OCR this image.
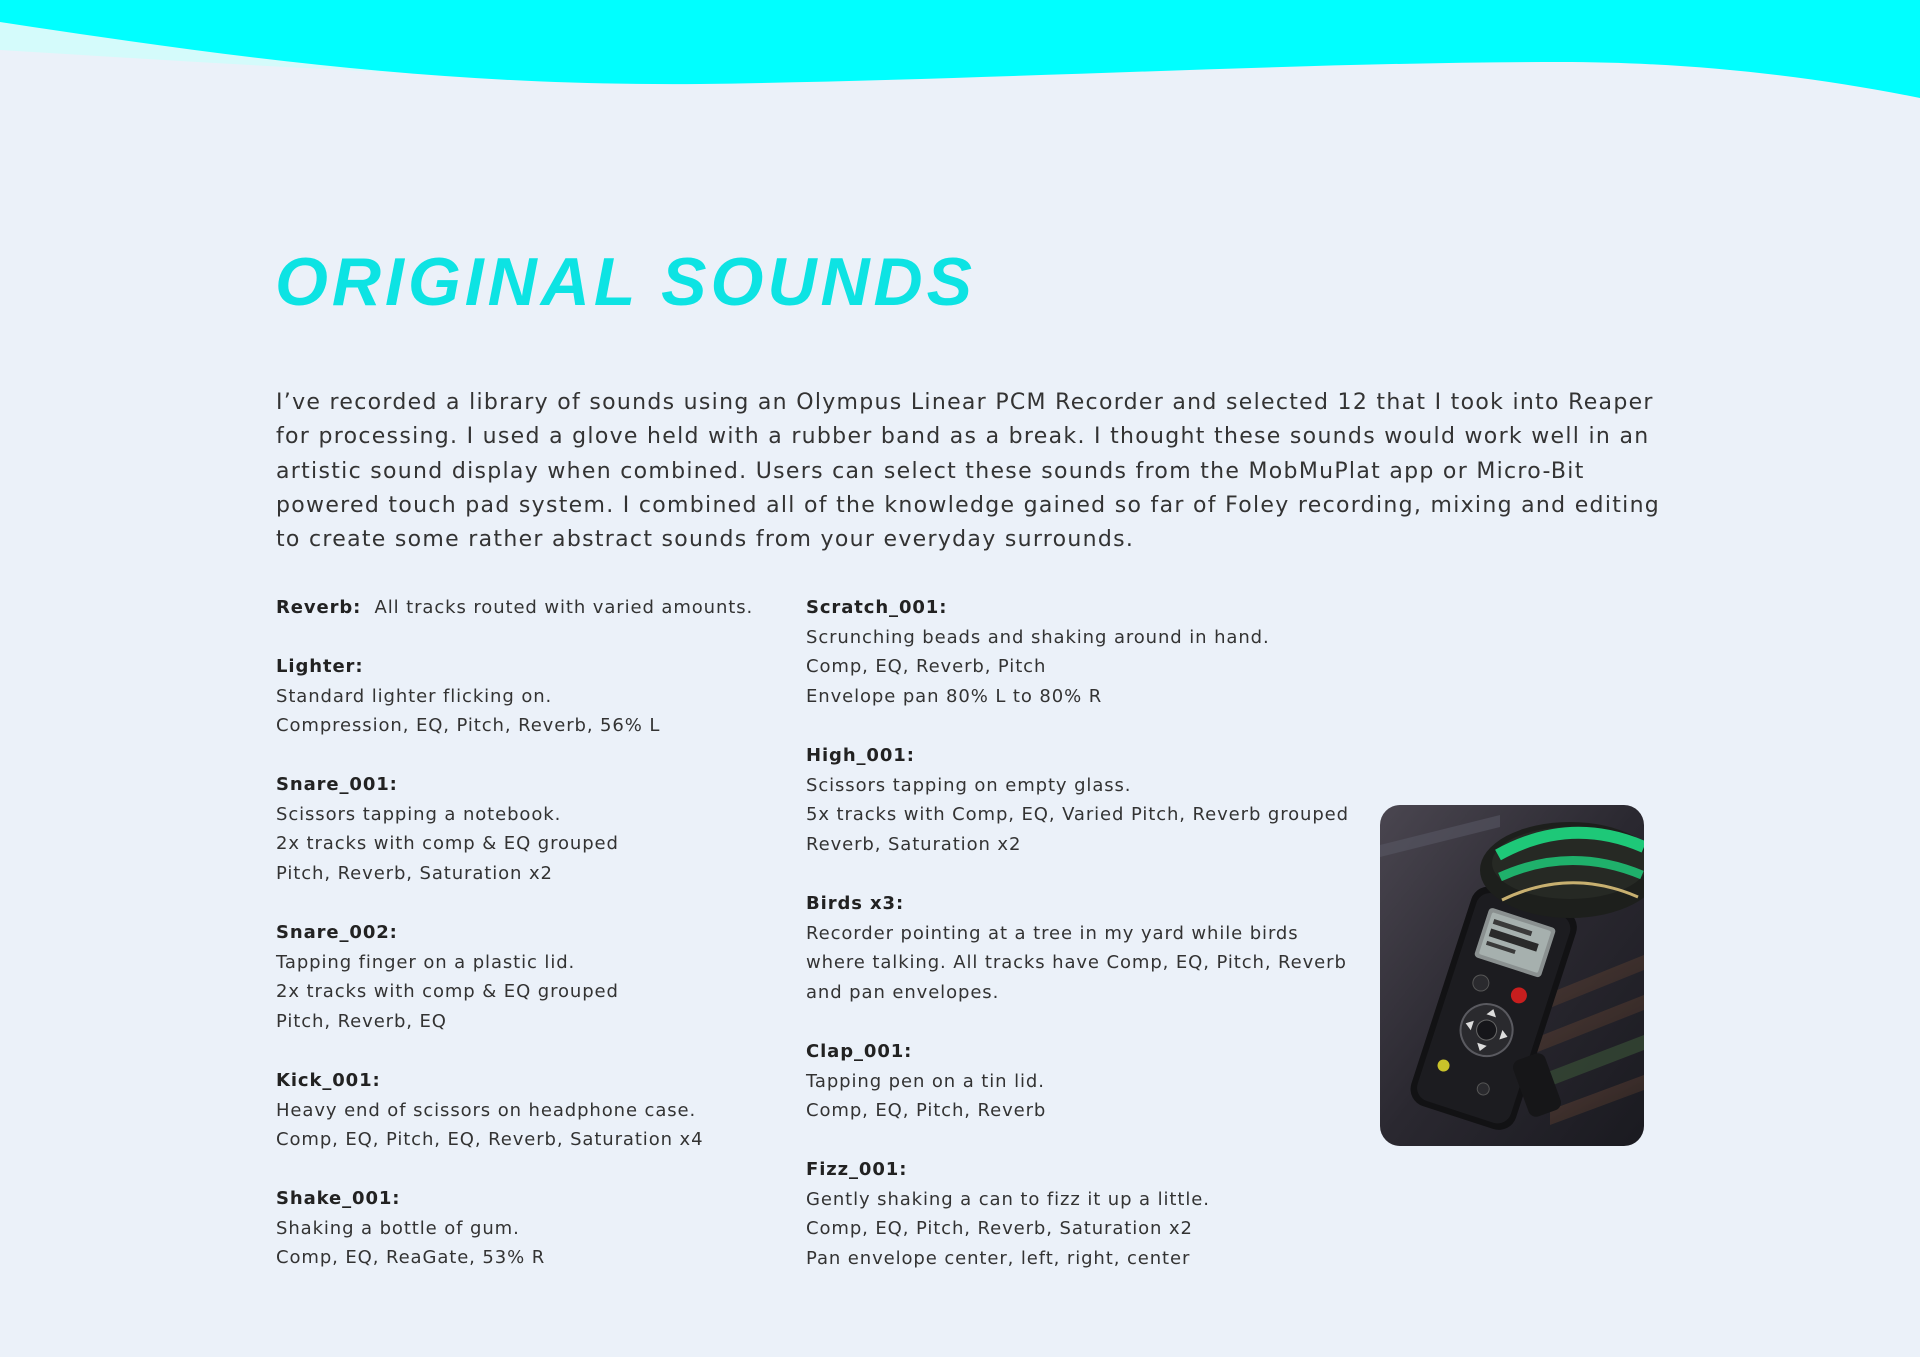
ORIGINAL SOUNDS

I’ve recorded a library of sounds using an Olympus Linear PCM Recorder and selected 12 that I took into Reaper for processing. I used a glove held with a rubber band as a break. I thought these sounds would work well in an artistic sound display when combined. Users can select these sounds from the MobMuPlat app or Micro-Bit powered touch pad system. I combined all of the knowledge gained so far of Foley recording, mixing and editing to create some rather abstract sounds from your everyday surrounds.

Reverb: All tracks routed with varied amounts.
Lighter:
Standard lighter flicking on.
Compression, EQ, Pitch, Reverb, 56% L
Snare_001:
Scissors tapping a notebook.
2x tracks with comp & EQ grouped
Pitch, Reverb, Saturation x2
Snare_002:
Tapping finger on a plastic lid.
2x tracks with comp & EQ grouped
Pitch, Reverb, EQ
Kick_001:
Heavy end of scissors on headphone case.
Comp, EQ, Pitch, EQ, Reverb, Saturation x4
Shake_001:
Shaking a bottle of gum.
Comp, EQ, ReaGate, 53% R
Scratch_001:
Scrunching beads and shaking around in hand.
Comp, EQ, Reverb, Pitch
Envelope pan 80% L to 80% R
High_001:
Scissors tapping on empty glass.
5x tracks with Comp, EQ, Varied Pitch, Reverb grouped
Reverb, Saturation x2
Birds x3:
Recorder pointing at a tree in my yard while birds
where talking. All tracks have Comp, EQ, Pitch, Reverb
and pan envelopes.
Clap_001:
Tapping pen on a tin lid.
Comp, EQ, Pitch, Reverb
Fizz_001:
Gently shaking a can to fizz it up a little.
Comp, EQ, Pitch, Reverb, Saturation x2
Pan envelope center, left, right, center
